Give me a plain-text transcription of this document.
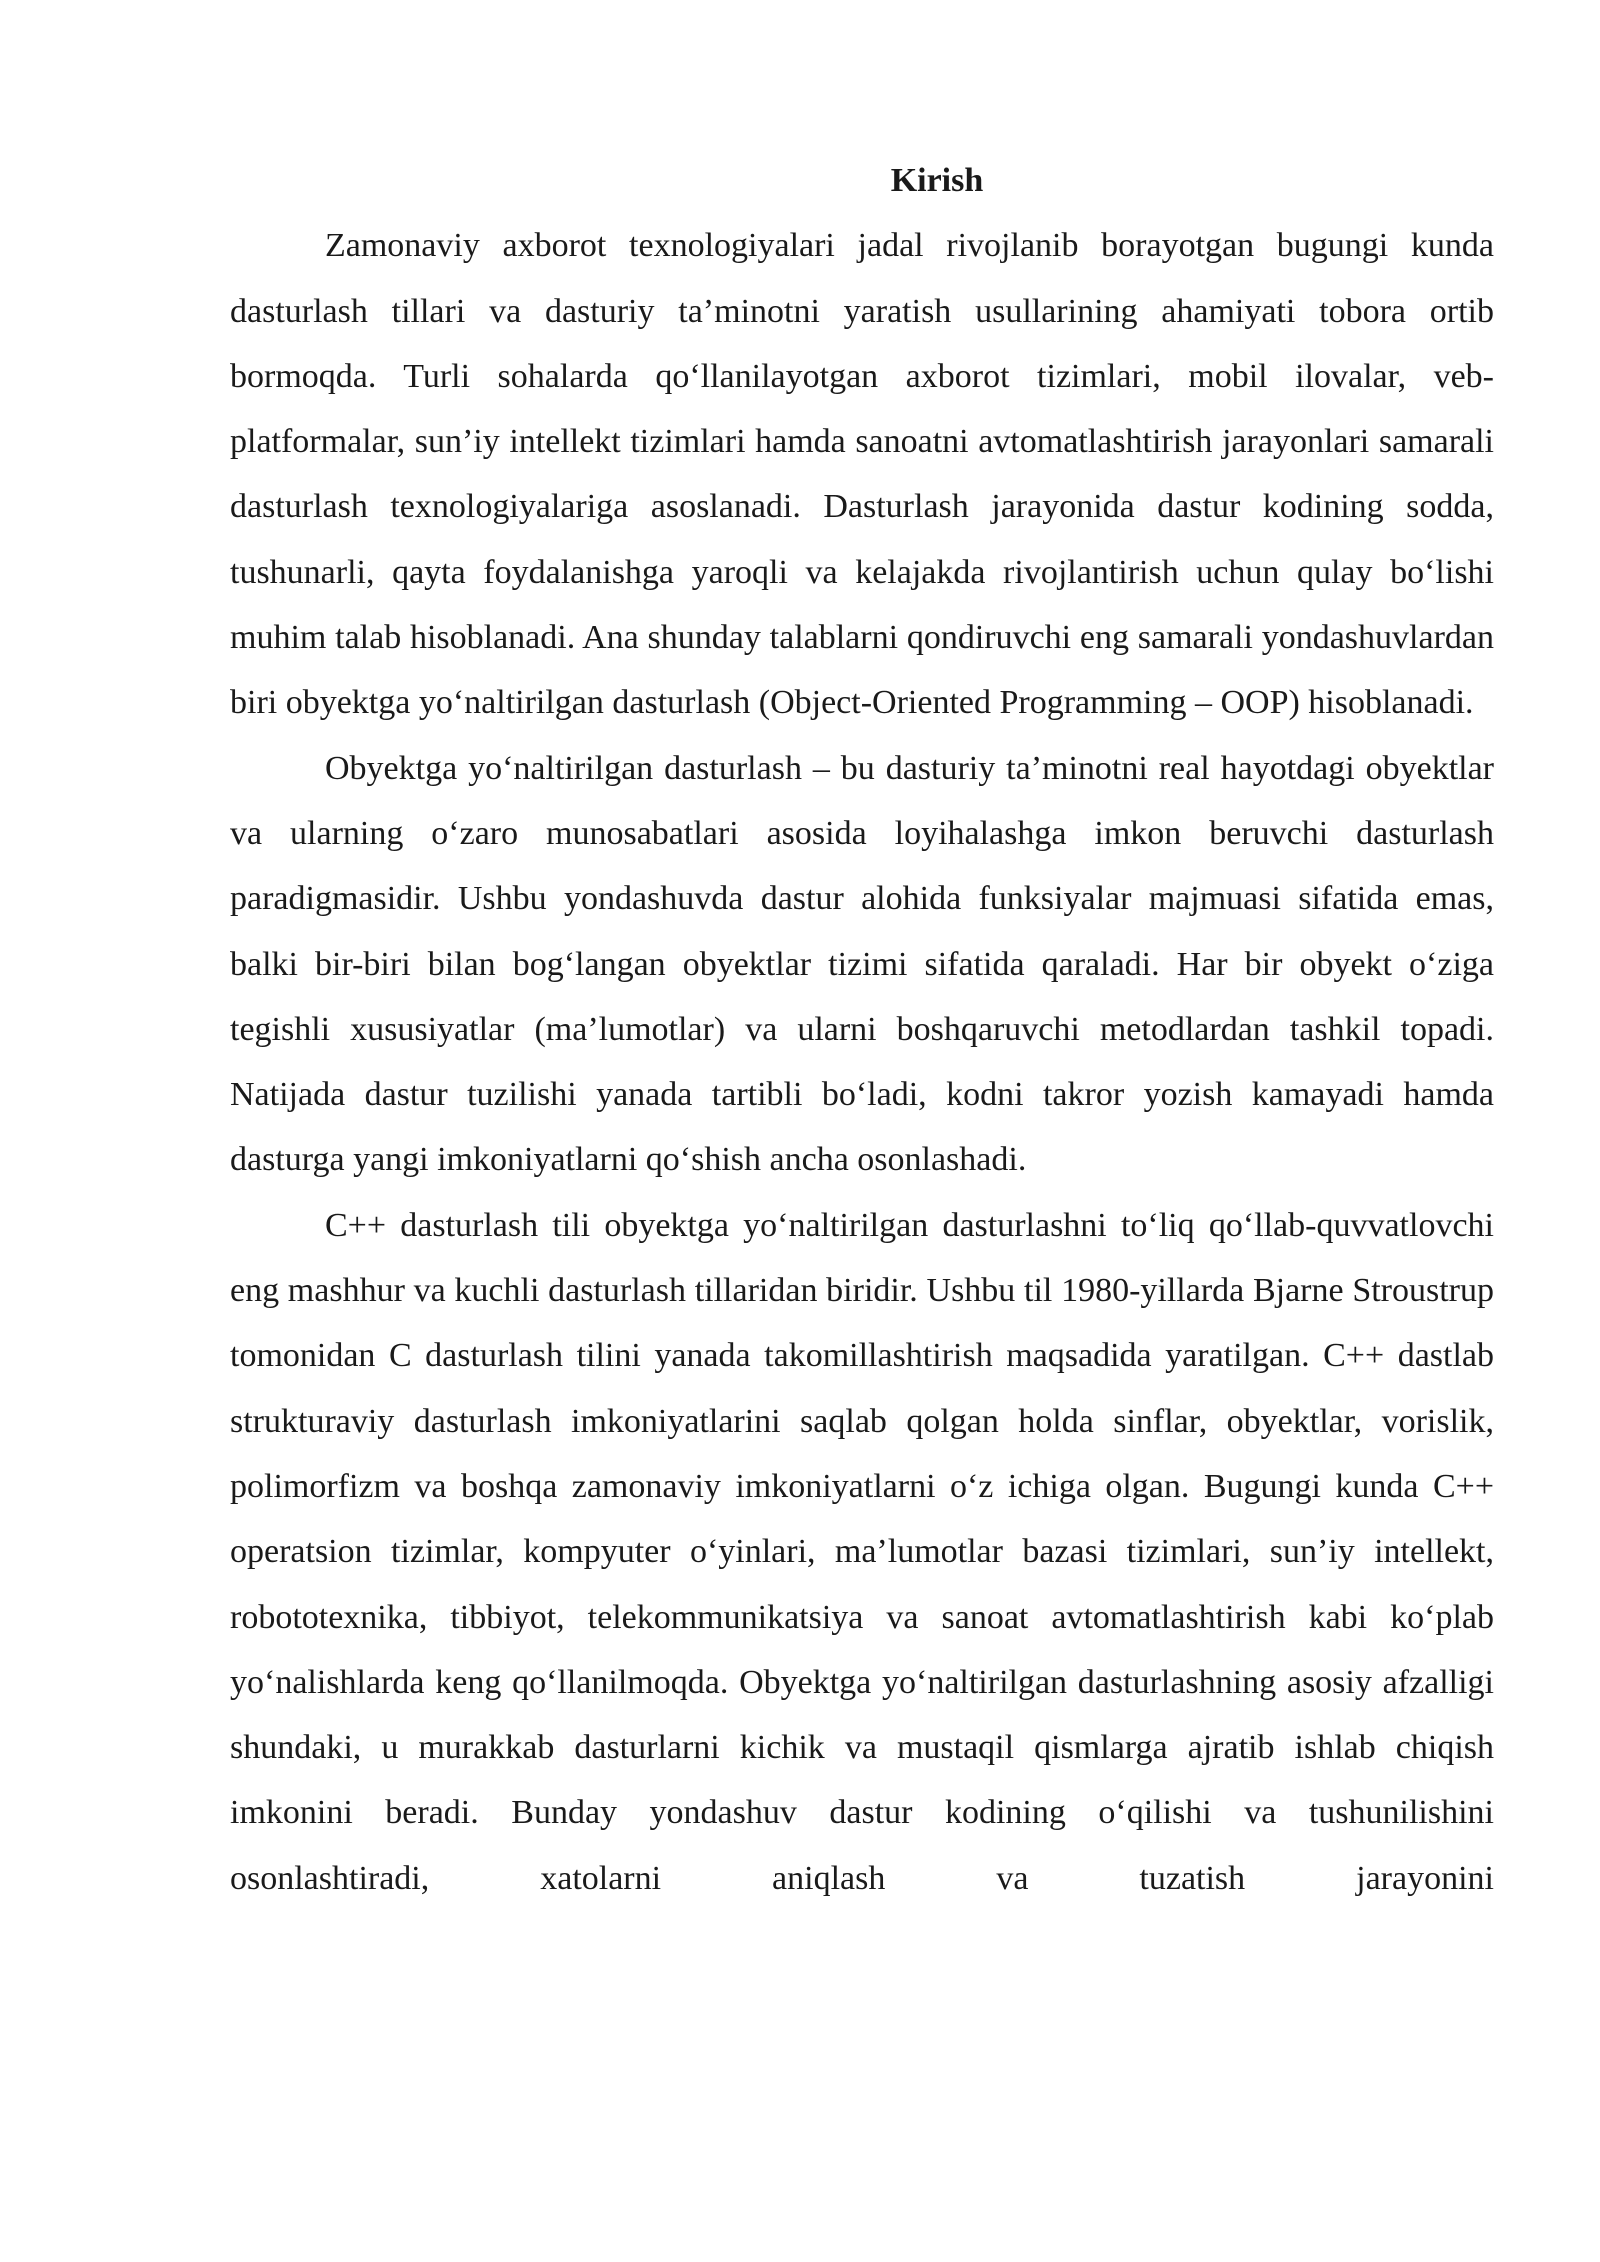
Kirish

Zamonaviy axborot texnologiyalari jadal rivojlanib borayotgan bugungi kunda dasturlash tillari va dasturiy ta’minotni yaratish usullarining ahamiyati tobora ortib bormoqda. Turli sohalarda qo‘llanilayotgan axborot tizimlari, mobil ilovalar, veb-platformalar, sun’iy intellekt tizimlari hamda sanoatni avtomatlashtirish jarayonlari samarali dasturlash texnologiyalariga asoslanadi. Dasturlash jarayonida dastur kodining sodda, tushunarli, qayta foydalanishga yaroqli va kelajakda rivojlantirish uchun qulay bo‘lishi muhim talab hisoblanadi. Ana shunday talablarni qondiruvchi eng samarali yondashuvlardan biri obyektga yo‘naltirilgan dasturlash (Object-Oriented Programming – OOP) hisoblanadi.

Obyektga yo‘naltirilgan dasturlash – bu dasturiy ta’minotni real hayotdagi obyektlar va ularning o‘zaro munosabatlari asosida loyihalashga imkon beruvchi dasturlash paradigmasidir. Ushbu yondashuvda dastur alohida funksiyalar majmuasi sifatida emas, balki bir-biri bilan bog‘langan obyektlar tizimi sifatida qaraladi. Har bir obyekt o‘ziga tegishli xususiyatlar (ma’lumotlar) va ularni boshqaruvchi metodlardan tashkil topadi. Natijada dastur tuzilishi yanada tartibli bo‘ladi, kodni takror yozish kamayadi hamda dasturga yangi imkoniyatlarni qo‘shish ancha osonlashadi.

C++ dasturlash tili obyektga yo‘naltirilgan dasturlashni to‘liq qo‘llab-quvvatlovchi eng mashhur va kuchli dasturlash tillaridan biridir. Ushbu til 1980-yillarda Bjarne Stroustrup tomonidan C dasturlash tilini yanada takomillashtirish maqsadida yaratilgan. C++ dastlab strukturaviy dasturlash imkoniyatlarini saqlab qolgan holda sinflar, obyektlar, vorislik, polimorfizm va boshqa zamonaviy imkoniyatlarni o‘z ichiga olgan. Bugungi kunda C++ operatsion tizimlar, kompyuter o‘yinlari, ma’lumotlar bazasi tizimlari, sun’iy intellekt, robototexnika, tibbiyot, telekommunikatsiya va sanoat avtomatlashtirish kabi ko‘plab yo‘nalishlarda keng qo‘llanilmoqda. Obyektga yo‘naltirilgan dasturlashning asosiy afzalligi shundaki, u murakkab dasturlarni kichik va mustaqil qismlarga ajratib ishlab chiqish imkonini beradi. Bunday yondashuv dastur kodining o‘qilishi va tushunilishini osonlashtiradi, xatolarni aniqlash va tuzatish jarayonini
